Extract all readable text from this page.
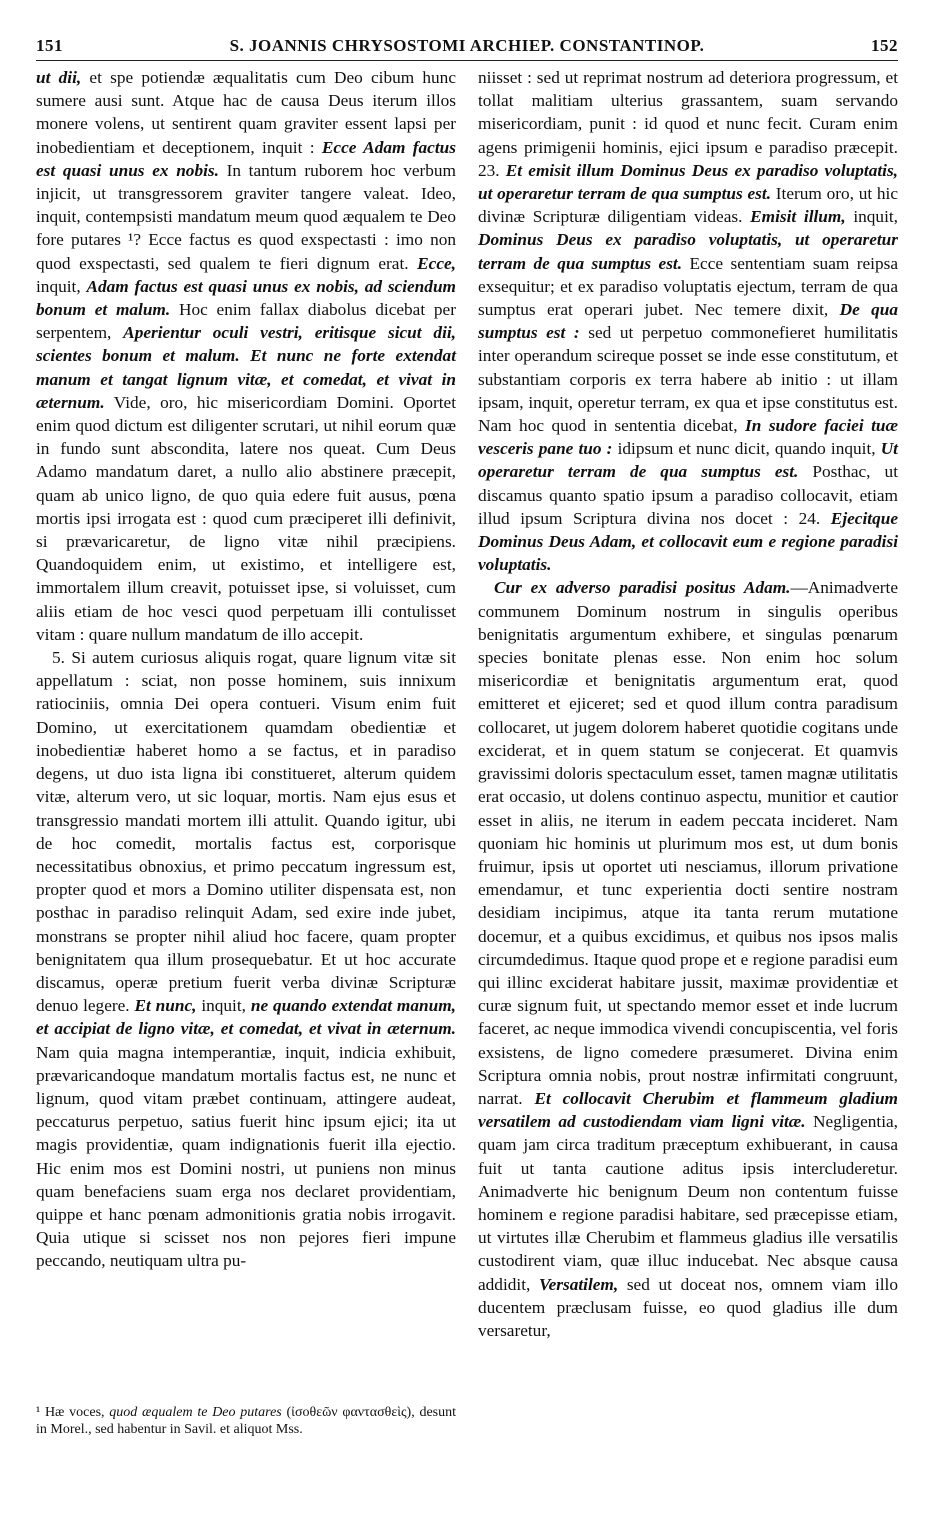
151	S. JOANNIS CHRYSOSTOMI ARCHIEP. CONSTANTINOP.	152

ut dii, et spe potiendæ æqualitatis cum Deo cibum hunc sumere ausi sunt. Atque hac de causa Deus iterum illos monere volens, ut sentirent quam graviter essent lapsi per inobedientiam et deceptionem, inquit : Ecce Adam factus est quasi unus ex nobis. In tantum ruborem hoc verbum injicit, ut transgressorem graviter tangere valeat. Ideo, inquit, contempsisti mandatum meum quod æqualem te Deo fore putares ¹? Ecce factus es quod exspectasti : imo non quod exspectasti, sed qualem te fieri dignum erat. Ecce, inquit, Adam factus est quasi unus ex nobis, ad sciendum bonum et malum. Hoc enim fallax diabolus dicebat per serpentem, Aperientur oculi vestri, eritisque sicut dii, scientes bonum et malum. Et nunc ne forte extendat manum et tangat lignum vitæ, et comedat, et vivat in æternum. Vide, oro, hic misericordiam Domini. Oportet enim quod dictum est diligenter scrutari, ut nihil eorum quæ in fundo sunt abscondita, latere nos queat. Cum Deus Adamo mandatum daret, a nullo alio abstinere præcepit, quam ab unico ligno, de quo quia edere fuit ausus, pœna mortis ipsi irrogata est : quod cum præciperet illi definivit, si prævaricaretur, de ligno vitæ nihil præcipiens. Quandoquidem enim, ut existimo, et intelligere est, immortalem illum creavit, potuisset ipse, si voluisset, cum aliis etiam de hoc vesci quod perpetuam illi contulisset vitam : quare nullum mandatum de illo accepit.

5. Si autem curiosus aliquis rogat, quare lignum vitæ sit appellatum : sciat, non posse hominem, suis innixum ratiociniis, omnia Dei opera contueri. Visum enim fuit Domino, ut exercitationem quamdam obedientiæ et inobedientiæ haberet homo a se factus, et in paradiso degens, ut duo ista ligna ibi constitueret, alterum quidem vitæ, alterum vero, ut sic loquar, mortis. Nam ejus esus et transgressio mandati mortem illi attulit. Quando igitur, ubi de hoc comedit, mortalis factus est, corporisque necessitatibus obnoxius, et primo peccatum ingressum est, propter quod et mors a Domino utiliter dispensata est, non posthac in paradiso relinquit Adam, sed exire inde jubet, monstrans se propter nihil aliud hoc facere, quam propter benignitatem qua illum prosequebatur. Et ut hoc accurate discamus, operæ pretium fuerit verba divinæ Scripturæ denuo legere. Et nunc, inquit, ne quando extendat manum, et accipiat de ligno vitæ, et comedat, et vivat in æternum. Nam quia magna intemperantiæ, inquit, indicia exhibuit, prævaricandoque mandatum mortalis factus est, ne nunc et lignum, quod vitam præbet continuam, attingere audeat, peccaturus perpetuo, satius fuerit hinc ipsum ejici; ita ut magis providentiæ, quam indignationis fuerit illa ejectio. Hic enim mos est Domini nostri, ut puniens non minus quam benefaciens suam erga nos declaret providentiam, quippe et hanc pœnam admonitionis gratia nobis irrogavit. Quia utique si scisset nos non pejores fieri impune peccando, neutiquam ultra pu-

¹ Hæ voces, quod æqualem te Deo putares (ἰσοθεῶν φαντασθεὶς), desunt in Morel., sed habentur in Savil. et aliquot Mss.

niisset : sed ut reprimat nostrum ad deteriora progressum, et tollat malitiam ulterius grassantem, suam servando misericordiam, punit : id quod et nunc fecit. Curam enim agens primigenii hominis, ejici ipsum e paradiso præcepit. 23. Et emisit illum Dominus Deus ex paradiso voluptatis, ut operaretur terram de qua sumptus est. Iterum oro, ut hic divinæ Scripturæ diligentiam videas. Emisit illum, inquit, Dominus Deus ex paradiso voluptatis, ut operaretur terram de qua sumptus est. Ecce sententiam suam reipsa exsequitur; et ex paradiso voluptatis ejectum, terram de qua sumptus erat operari jubet. Nec temere dixit, De qua sumptus est : sed ut perpetuo commonefieret humilitatis inter operandum scireque posset se inde esse constitutum, et substantiam corporis ex terra habere ab initio : ut illam ipsam, inquit, operetur terram, ex qua et ipse constitutus est. Nam hoc quod in sententia dicebat, In sudore faciei tuæ vesceris pane tuo : idipsum et nunc dicit, quando inquit, Ut operaretur terram de qua sumptus est. Posthac, ut discamus quanto spatio ipsum a paradiso collocavit, etiam illud ipsum Scriptura divina nos docet : 24. Ejecitque Dominus Deus Adam, et collocavit eum e regione paradisi voluptatis.

Cur ex adverso paradisi positus Adam.—Animadverte communem Dominum nostrum in singulis operibus benignitatis argumentum exhibere, et singulas pœnarum species bonitate plenas esse. Non enim hoc solum misericordiæ et benignitatis argumentum erat, quod emitteret et ejiceret; sed et quod illum contra paradisum collocaret, ut jugem dolorem haberet quotidie cogitans unde exciderat, et in quem statum se conjecerat. Et quamvis gravissimi doloris spectaculum esset, tamen magnæ utilitatis erat occasio, ut dolens continuo aspectu, munitior et cautior esset in aliis, ne iterum in eadem peccata incideret. Nam quoniam hic hominis ut plurimum mos est, ut dum bonis fruimur, ipsis ut oportet uti nesciamus, illorum privatione emendamur, et tunc experientia docti sentire nostram desidiam incipimus, atque ita tanta rerum mutatione docemur, et a quibus excidimus, et quibus nos ipsos malis circumdedimus. Itaque quod prope et e regione paradisi eum qui illinc exciderat habitare jussit, maximæ providentiæ et curæ signum fuit, ut spectando memor esset et inde lucrum faceret, ac neque immodica vivendi concupiscentia, vel foris exsistens, de ligno comedere præsumeret. Divina enim Scriptura omnia nobis, prout nostræ infirmitati congruunt, narrat. Et collocavit Cherubim et flammeum gladium versatilem ad custodiendam viam ligni vitæ. Negligentia, quam jam circa traditum præceptum exhibuerant, in causa fuit ut tanta cautione aditus ipsis intercluderetur. Animadverte hic benignum Deum non contentum fuisse hominem e regione paradisi habitare, sed præcepisse etiam, ut virtutes illæ Cherubim et flammeus gladius ille versatilis custodirent viam, quæ illuc inducebat. Nec absque causa addidit, Versatilem, sed ut doceat nos, omnem viam illo ducentem præclusam fuisse, eo quod gladius ille dum versaretur,
